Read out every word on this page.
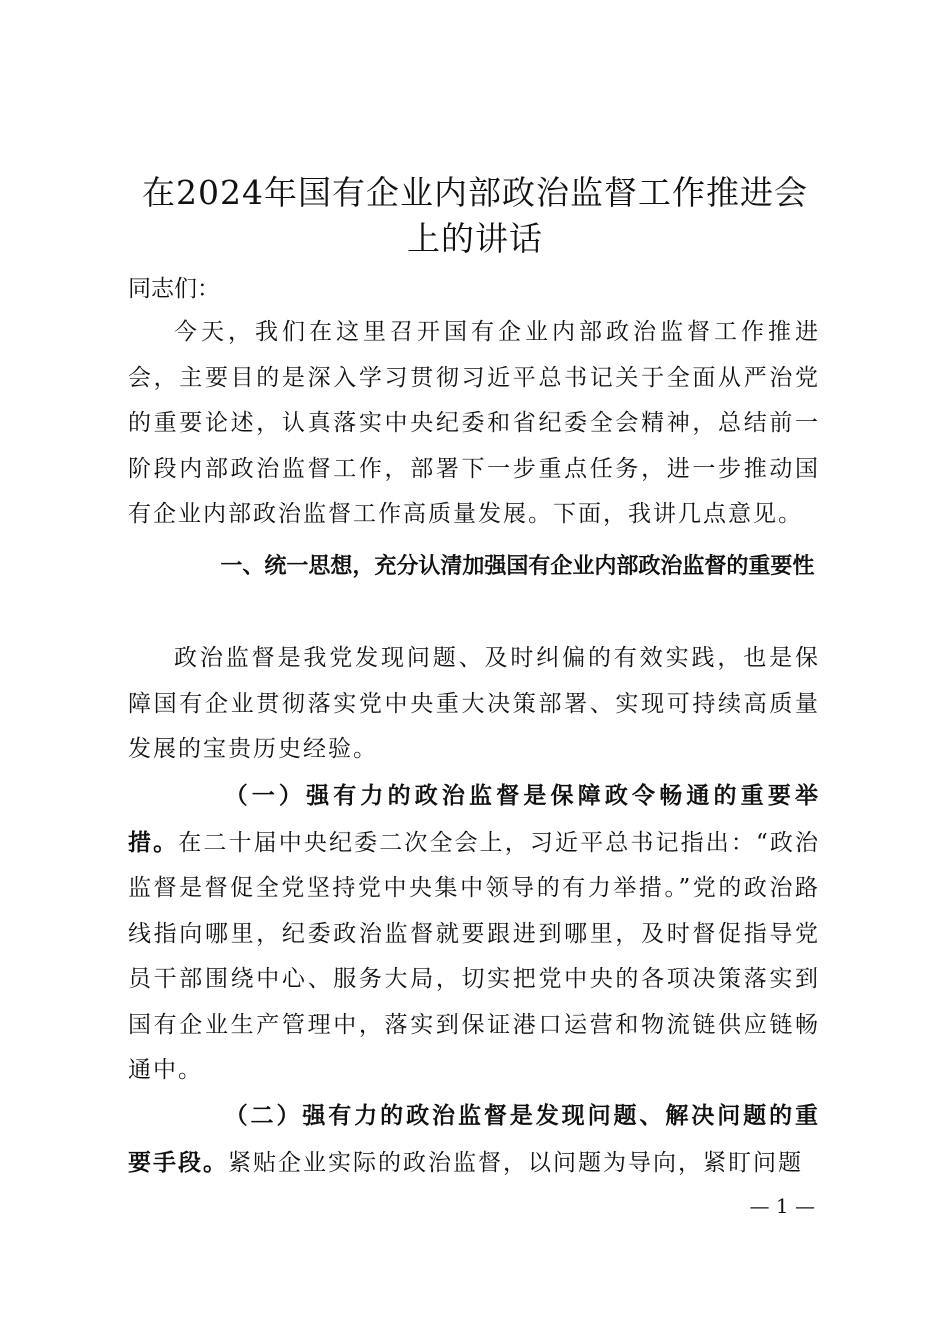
在2024年国有企业内部政治监督工作推进会
上的讲话
同志们：
今天，我们在这里召开国有企业内部政治监督工作推进会，主要目的是深入学习贯彻习近平总书记关于全面从严治党的重要论述，认真落实中央纪委和省纪委全会精神，总结前一阶段内部政治监督工作，部署下一步重点任务，进一步推动国有企业内部政治监督工作高质量发展。下面，我讲几点意见。
一、统一思想，充分认清加强国有企业内部政治监督的重要性
政治监督是我党发现问题、及时纠偏的有效实践，也是保障国有企业贯彻落实党中央重大决策部署、实现可持续高质量发展的宝贵历史经验。
（一）强有力的政治监督是保障政令畅通的重要举措。在二十届中央纪委二次全会上，习近平总书记指出：“政治监督是督促全党坚持党中央集中领导的有力举措。”党的政治路线指向哪里，纪委政治监督就要跟进到哪里，及时督促指导党员干部围绕中心、服务大局，切实把党中央的各项决策落实到国有企业生产管理中，落实到保证港口运营和物流链供应链畅通中。
（二）强有力的政治监督是发现问题、解决问题的重要手段。紧贴企业实际的政治监督，以问题为导向，紧盯问题
— 1 —
